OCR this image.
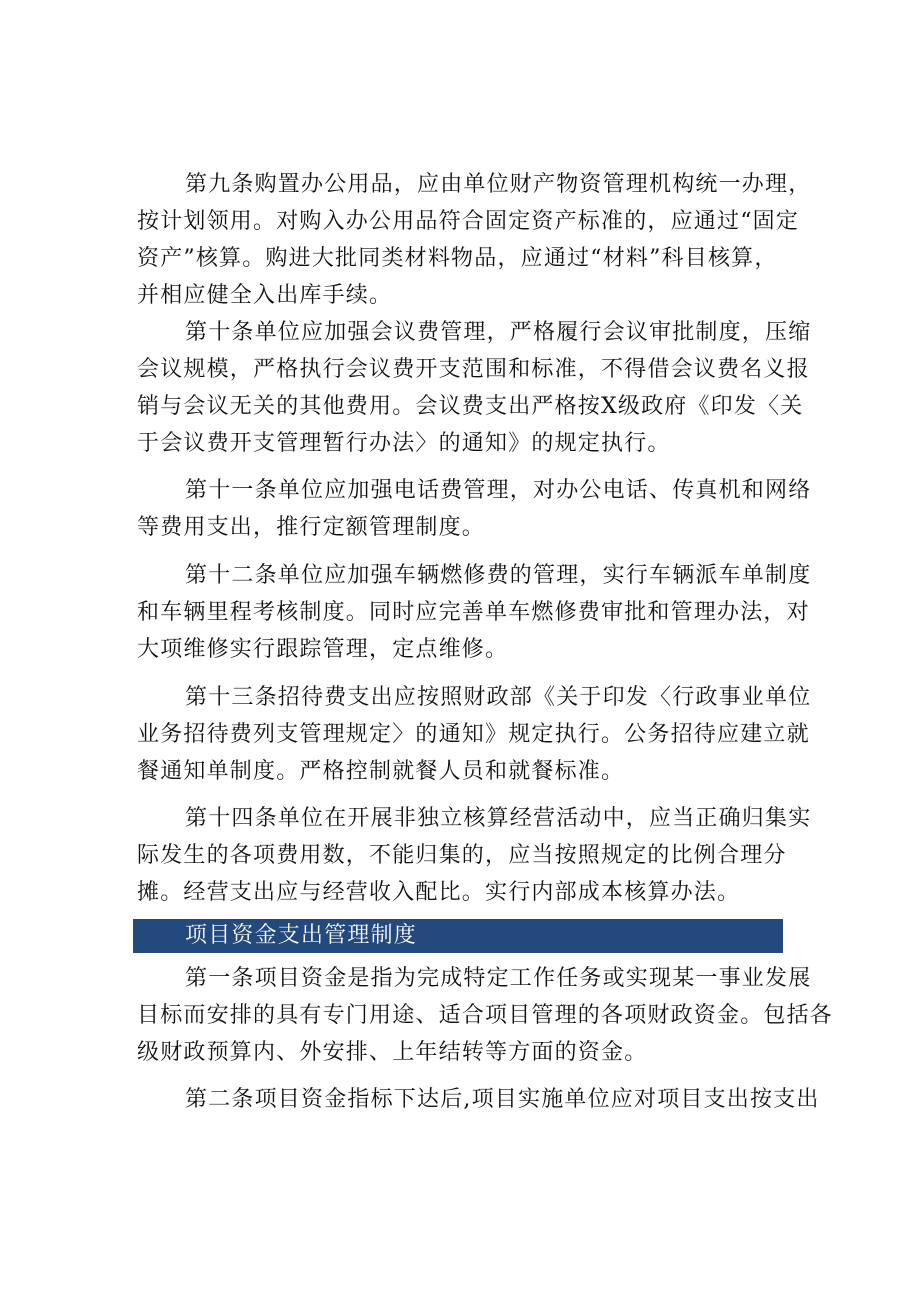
第九条购置办公用品，应由单位财产物资管理机构统一办理，
按计划领用。对购入办公用品符合固定资产标准的，应通过“固定
资产”核算。购进大批同类材料物品，应通过“材料”科目核算，
并相应健全入出库手续。
第十条单位应加强会议费管理，严格履行会议审批制度，压缩
会议规模，严格执行会议费开支范围和标准，不得借会议费名义报
销与会议无关的其他费用。会议费支出严格按X级政府《印发〈关
于会议费开支管理暂行办法〉的通知》的规定执行。
第十一条单位应加强电话费管理，对办公电话、传真机和网络
等费用支出，推行定额管理制度。
第十二条单位应加强车辆燃修费的管理，实行车辆派车单制度
和车辆里程考核制度。同时应完善单车燃修费审批和管理办法，对
大项维修实行跟踪管理，定点维修。
第十三条招待费支出应按照财政部《关于印发〈行政事业单位
业务招待费列支管理规定〉的通知》规定执行。公务招待应建立就
餐通知单制度。严格控制就餐人员和就餐标准。
第十四条单位在开展非独立核算经营活动中，应当正确归集实
际发生的各项费用数，不能归集的，应当按照规定的比例合理分
摊。经营支出应与经营收入配比。实行内部成本核算办法。
项目资金支出管理制度
第一条项目资金是指为完成特定工作任务或实现某一事业发展
目标而安排的具有专门用途、适合项目管理的各项财政资金。包括各
级财政预算内、外安排、上年结转等方面的资金。
第二条项目资金指标下达后,项目实施单位应对项目支出按支出
